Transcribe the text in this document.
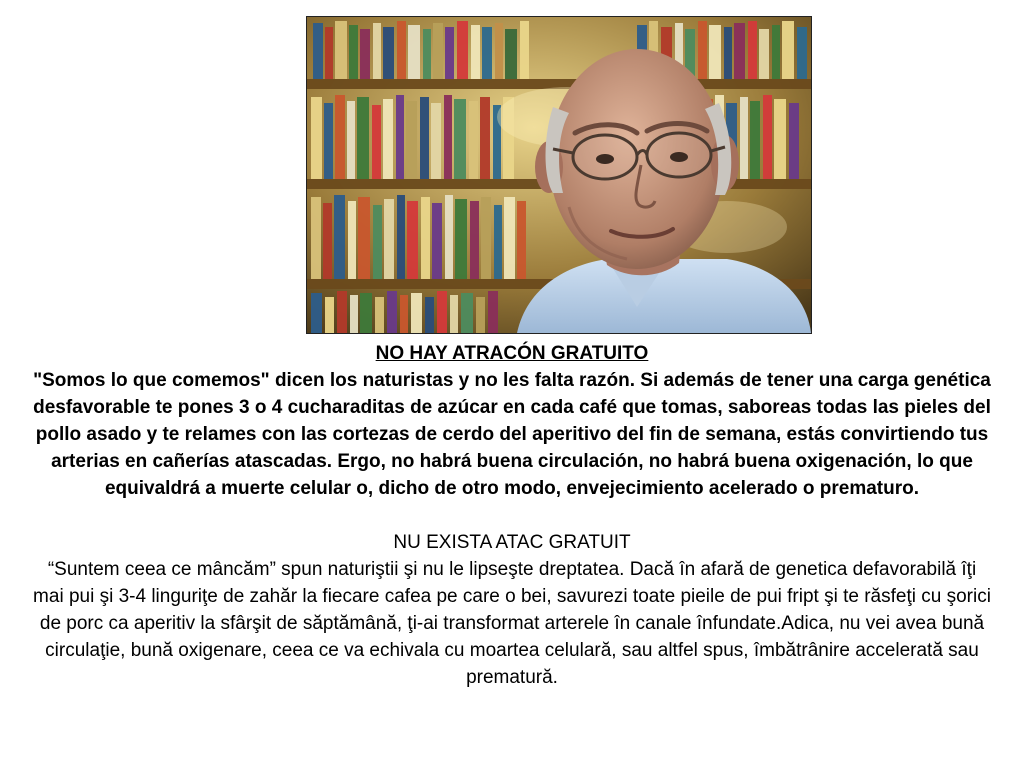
NO HAY ATRACÓN GRATUITO

"Somos lo que comemos" dicen los naturistas y no les falta razón. Si además de tener una carga genética desfavorable te pones 3 o 4 cucharaditas de azúcar en cada café que tomas, saboreas todas las pieles del pollo asado y te relames con las cortezas de cerdo del aperitivo del fin de semana, estás convirtiendo tus arterias en cañerías atascadas. Ergo, no habrá buena circulación, no habrá buena oxigenación, lo que equivaldrá a muerte celular o, dicho de otro modo, envejecimiento acelerado o prematuro.

NU EXISTA ATAC GRATUIT

“Suntem ceea ce mâncăm” spun naturiştii şi nu le lipseşte dreptatea. Dacă în afară de genetica defavorabilă îţi mai pui şi 3-4 linguriţe de zahăr la fiecare cafea pe care o bei, savurezi toate pieile de pui fript şi te răsfeţi cu şorici de porc ca aperitiv la sfârşit de săptămână, ţi-ai transformat arterele în canale înfundate.Adica, nu vei avea bună circulaţie, bună oxigenare, ceea ce va echivala cu moartea celulară, sau altfel spus, îmbătrânire accelerată sau prematură.
